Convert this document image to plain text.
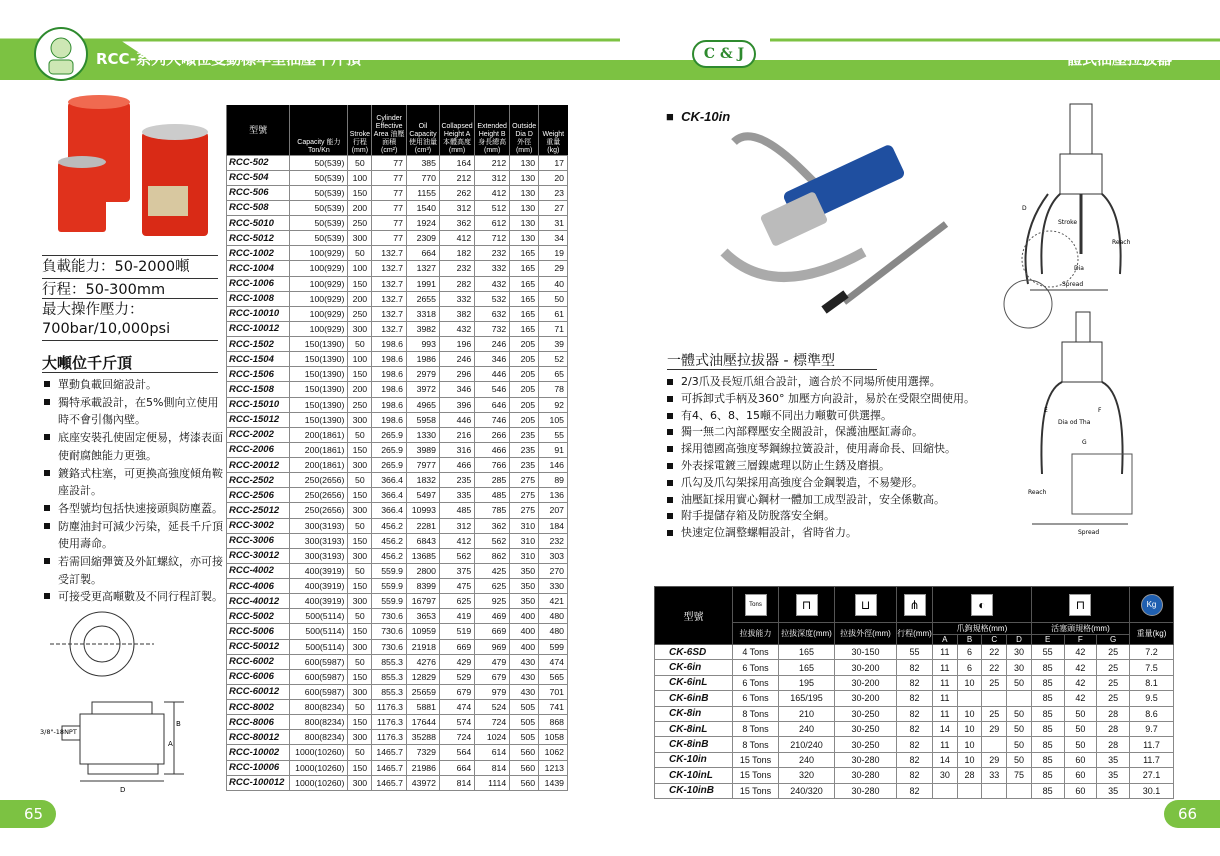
RCC-系列大噸位雙動標準型油壓千斤頂	C & J	一體式油壓拉拔器
負載能力：50-2000噸
行程：50-300mm
最大操作壓力：
700bar/10,000psi
大噸位千斤頂
單動負載回縮設計。
獨特承載設計，在5%側向立使用時不會引傷內壁。
底座安裝孔使固定便易，烤漆表面使耐腐蝕能力更強。
鍍鉻式柱塞，可更換高強度傾角鞍座設計。
各型號均包括快速接頭與防塵蓋。
防塵油封可減少污染，延長千斤頂使用壽命。
若需回縮彈簧及外缸螺紋，亦可接受訂製。
可接受更高噸數及不同行程訂製。
B
A
D
3/8"-18NPT
型號	Capacity 能力 Ton/Kn	Stroke 行程 (mm)	Cylinder Effective Area 油壓面積 (cm²)	Oil Capacity 使用油量 (cm³)	Collapsed Height A 本體高度 (mm)	Extended Height B 身長總高 (mm)	Outside Dia D 外徑 (mm)	Weight 重量 (kg)
RCC-502	50(539)	50	77	385	164	212	130	17
RCC-504	50(539)	100	77	770	212	312	130	20
RCC-506	50(539)	150	77	1155	262	412	130	23
RCC-508	50(539)	200	77	1540	312	512	130	27
RCC-5010	50(539)	250	77	1924	362	612	130	31
RCC-5012	50(539)	300	77	2309	412	712	130	34
RCC-1002	100(929)	50	132.7	664	182	232	165	19
RCC-1004	100(929)	100	132.7	1327	232	332	165	29
RCC-1006	100(929)	150	132.7	1991	282	432	165	40
RCC-1008	100(929)	200	132.7	2655	332	532	165	50
RCC-10010	100(929)	250	132.7	3318	382	632	165	61
RCC-10012	100(929)	300	132.7	3982	432	732	165	71
RCC-1502	150(1390)	50	198.6	993	196	246	205	39
RCC-1504	150(1390)	100	198.6	1986	246	346	205	52
RCC-1506	150(1390)	150	198.6	2979	296	446	205	65
RCC-1508	150(1390)	200	198.6	3972	346	546	205	78
RCC-15010	150(1390)	250	198.6	4965	396	646	205	92
RCC-15012	150(1390)	300	198.6	5958	446	746	205	105
RCC-2002	200(1861)	50	265.9	1330	216	266	235	55
RCC-2006	200(1861)	150	265.9	3989	316	466	235	91
RCC-20012	200(1861)	300	265.9	7977	466	766	235	146
RCC-2502	250(2656)	50	366.4	1832	235	285	275	89
RCC-2506	250(2656)	150	366.4	5497	335	485	275	136
RCC-25012	250(2656)	300	366.4	10993	485	785	275	207
RCC-3002	300(3193)	50	456.2	2281	312	362	310	184
RCC-3006	300(3193)	150	456.2	6843	412	562	310	232
RCC-30012	300(3193)	300	456.2	13685	562	862	310	303
RCC-4002	400(3919)	50	559.9	2800	375	425	350	270
RCC-4006	400(3919)	150	559.9	8399	475	625	350	330
RCC-40012	400(3919)	300	559.9	16797	625	925	350	421
RCC-5002	500(5114)	50	730.6	3653	419	469	400	480
RCC-5006	500(5114)	150	730.6	10959	519	669	400	480
RCC-50012	500(5114)	300	730.6	21918	669	969	400	599
RCC-6002	600(5987)	50	855.3	4276	429	479	430	474
RCC-6006	600(5987)	150	855.3	12829	529	679	430	565
RCC-60012	600(5987)	300	855.3	25659	679	979	430	701
RCC-8002	800(8234)	50	1176.3	5881	474	524	505	741
RCC-8006	800(8234)	150	1176.3	17644	574	724	505	868
RCC-80012	800(8234)	300	1176.3	35288	724	1024	505	1058
RCC-10002	1000(10260)	50	1465.7	7329	564	614	560	1062
RCC-10006	1000(10260)	150	1465.7	21986	664	814	560	1213
RCC-100012	1000(10260)	300	1465.7	43972	814	1114	560	1439
■  CK-10in
Spread
Reach
Dia
Stroke
D
Spread
Reach
Dia od Tha
E	F
G
一體式油壓拉拔器 - 標準型
2/3爪及長短爪組合設計，適合於不同場所使用選擇。
可拆卸式手柄及360° 加壓方向設計，易於在受限空間使用。
有4、6、8、15噸不同出力噸數可供選擇。
獨一無二內部釋壓安全閥設計，保護油壓缸壽命。
採用德國高強度琴鋼線拉簧設計，使用壽命長、回縮快。
外表採電鍍三層鎳處理以防止生銹及磨損。
爪勾及爪勾架採用高強度合金鋼製造，不易變形。
油壓缸採用實心鋼材一體加工成型設計，安全係數高。
附手提儲存箱及防脫落安全網。
快速定位調整螺帽設計，省時省力。
型號	Tons	⊓	⊔	⋔	◐				⊓			Kg

	拉拔能力	拉拔深度(mm)	拉拔外徑(mm)	行程(mm)	爪鉤規格(mm)				活塞頭規格(mm)			重量(kg)
					A	B	C	D	E	F	G	
CK-6SD	4 Tons	165	30-150	55	11	6	22	30	55	42	25	7.2
CK-6in	6 Tons	165	30-200	82	11	6	22	30	85	42	25	7.5
CK-6inL	6 Tons	195	30-200	82	11	10	25	50	85	42	25	8.1
CK-6inB	6 Tons	165/195	30-200	82	11				85	42	25	9.5
CK-8in	8 Tons	210	30-250	82	11	10	25	50	85	50	28	8.6
CK-8inL	8 Tons	240	30-250	82	14	10	29	50	85	50	28	9.7
CK-8inB	8 Tons	210/240	30-250	82	11	10		50	85	50	28	11.7
CK-10in	15 Tons	240	30-280	82	14	10	29	50	85	60	35	11.7
CK-10inL	15 Tons	320	30-280	82	30	28	33	75	85	60	35	27.1
CK-10inB	15 Tons	240/320	30-280	82					85	60	35	30.1
65	66
